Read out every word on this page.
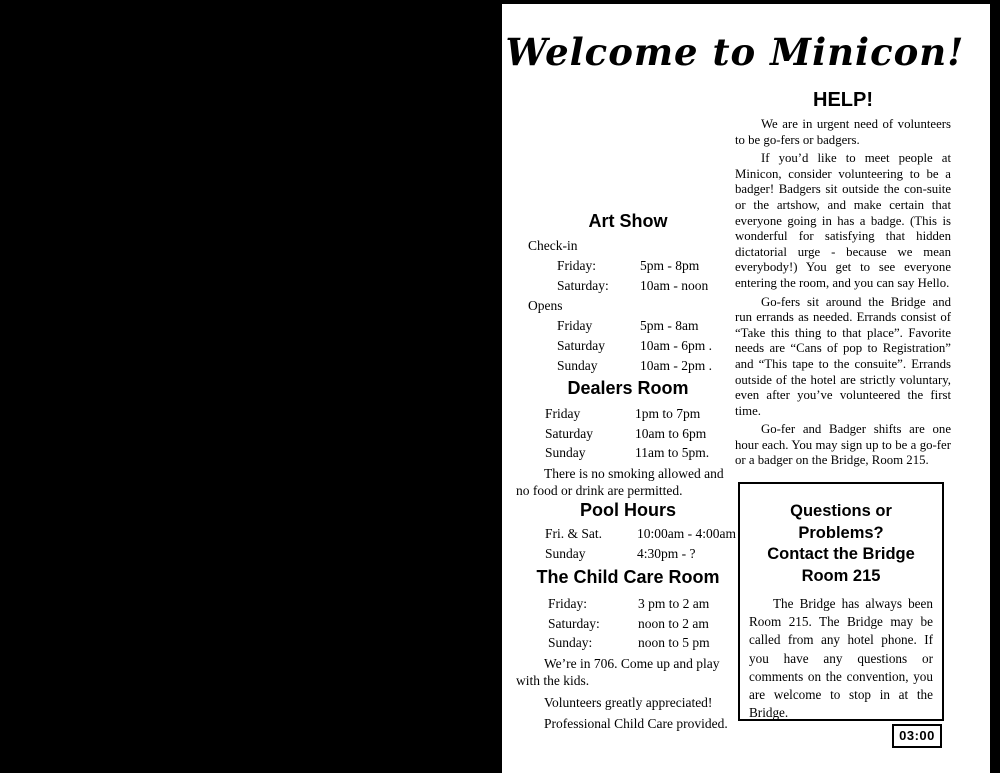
Welcome to Minicon!
Art Show
Check-in
Friday:	5pm - 8pm
Saturday: 10am - noon
Opens
Friday	5pm - 8am
Saturday	10am - 6pm .
Sunday	10am - 2pm .
Dealers Room
Friday	1pm to 7pm
Saturday	10am to 6pm
Sunday	11am to 5pm.
There is no smoking allowed and no food or drink are permitted.
Pool Hours
Fri. & Sat.	10:00am - 4:00am
Sunday	4:30pm - ?
The Child Care Room
Friday:	3 pm to 2 am
Saturday:	noon to 2 am
Sunday:	noon to 5 pm
We’re in 706. Come up and play with the kids.
Volunteers greatly appreciated!
Professional Child Care provided.
HELP!

We are in urgent need of volunteers to be go-fers or badgers.

If you’d like to meet people at Minicon, consider volunteering to be a badger! Badgers sit outside the con-suite or the artshow, and make certain that everyone going in has a badge. (This is wonderful for satisfying that hidden dictatorial urge - because we mean everybody!) You get to see everyone entering the room, and you can say Hello.

Go-fers sit around the Bridge and run errands as needed. Errands consist of “Take this thing to that place”. Favorite needs are “Cans of pop to Registration” and “This tape to the consuite”. Errands outside of the hotel are strictly voluntary, even after you’ve volunteered the first time.

Go-fer and Badger shifts are one hour each. You may sign up to be a go-fer or a badger on the Bridge, Room 215.

Questions or
Problems?
Contact the Bridge
Room 215
The Bridge has always been Room 215. The Bridge may be called from any hotel phone. If you have any questions or comments on the convention, you are welcome to stop in at the Bridge.
03:00
